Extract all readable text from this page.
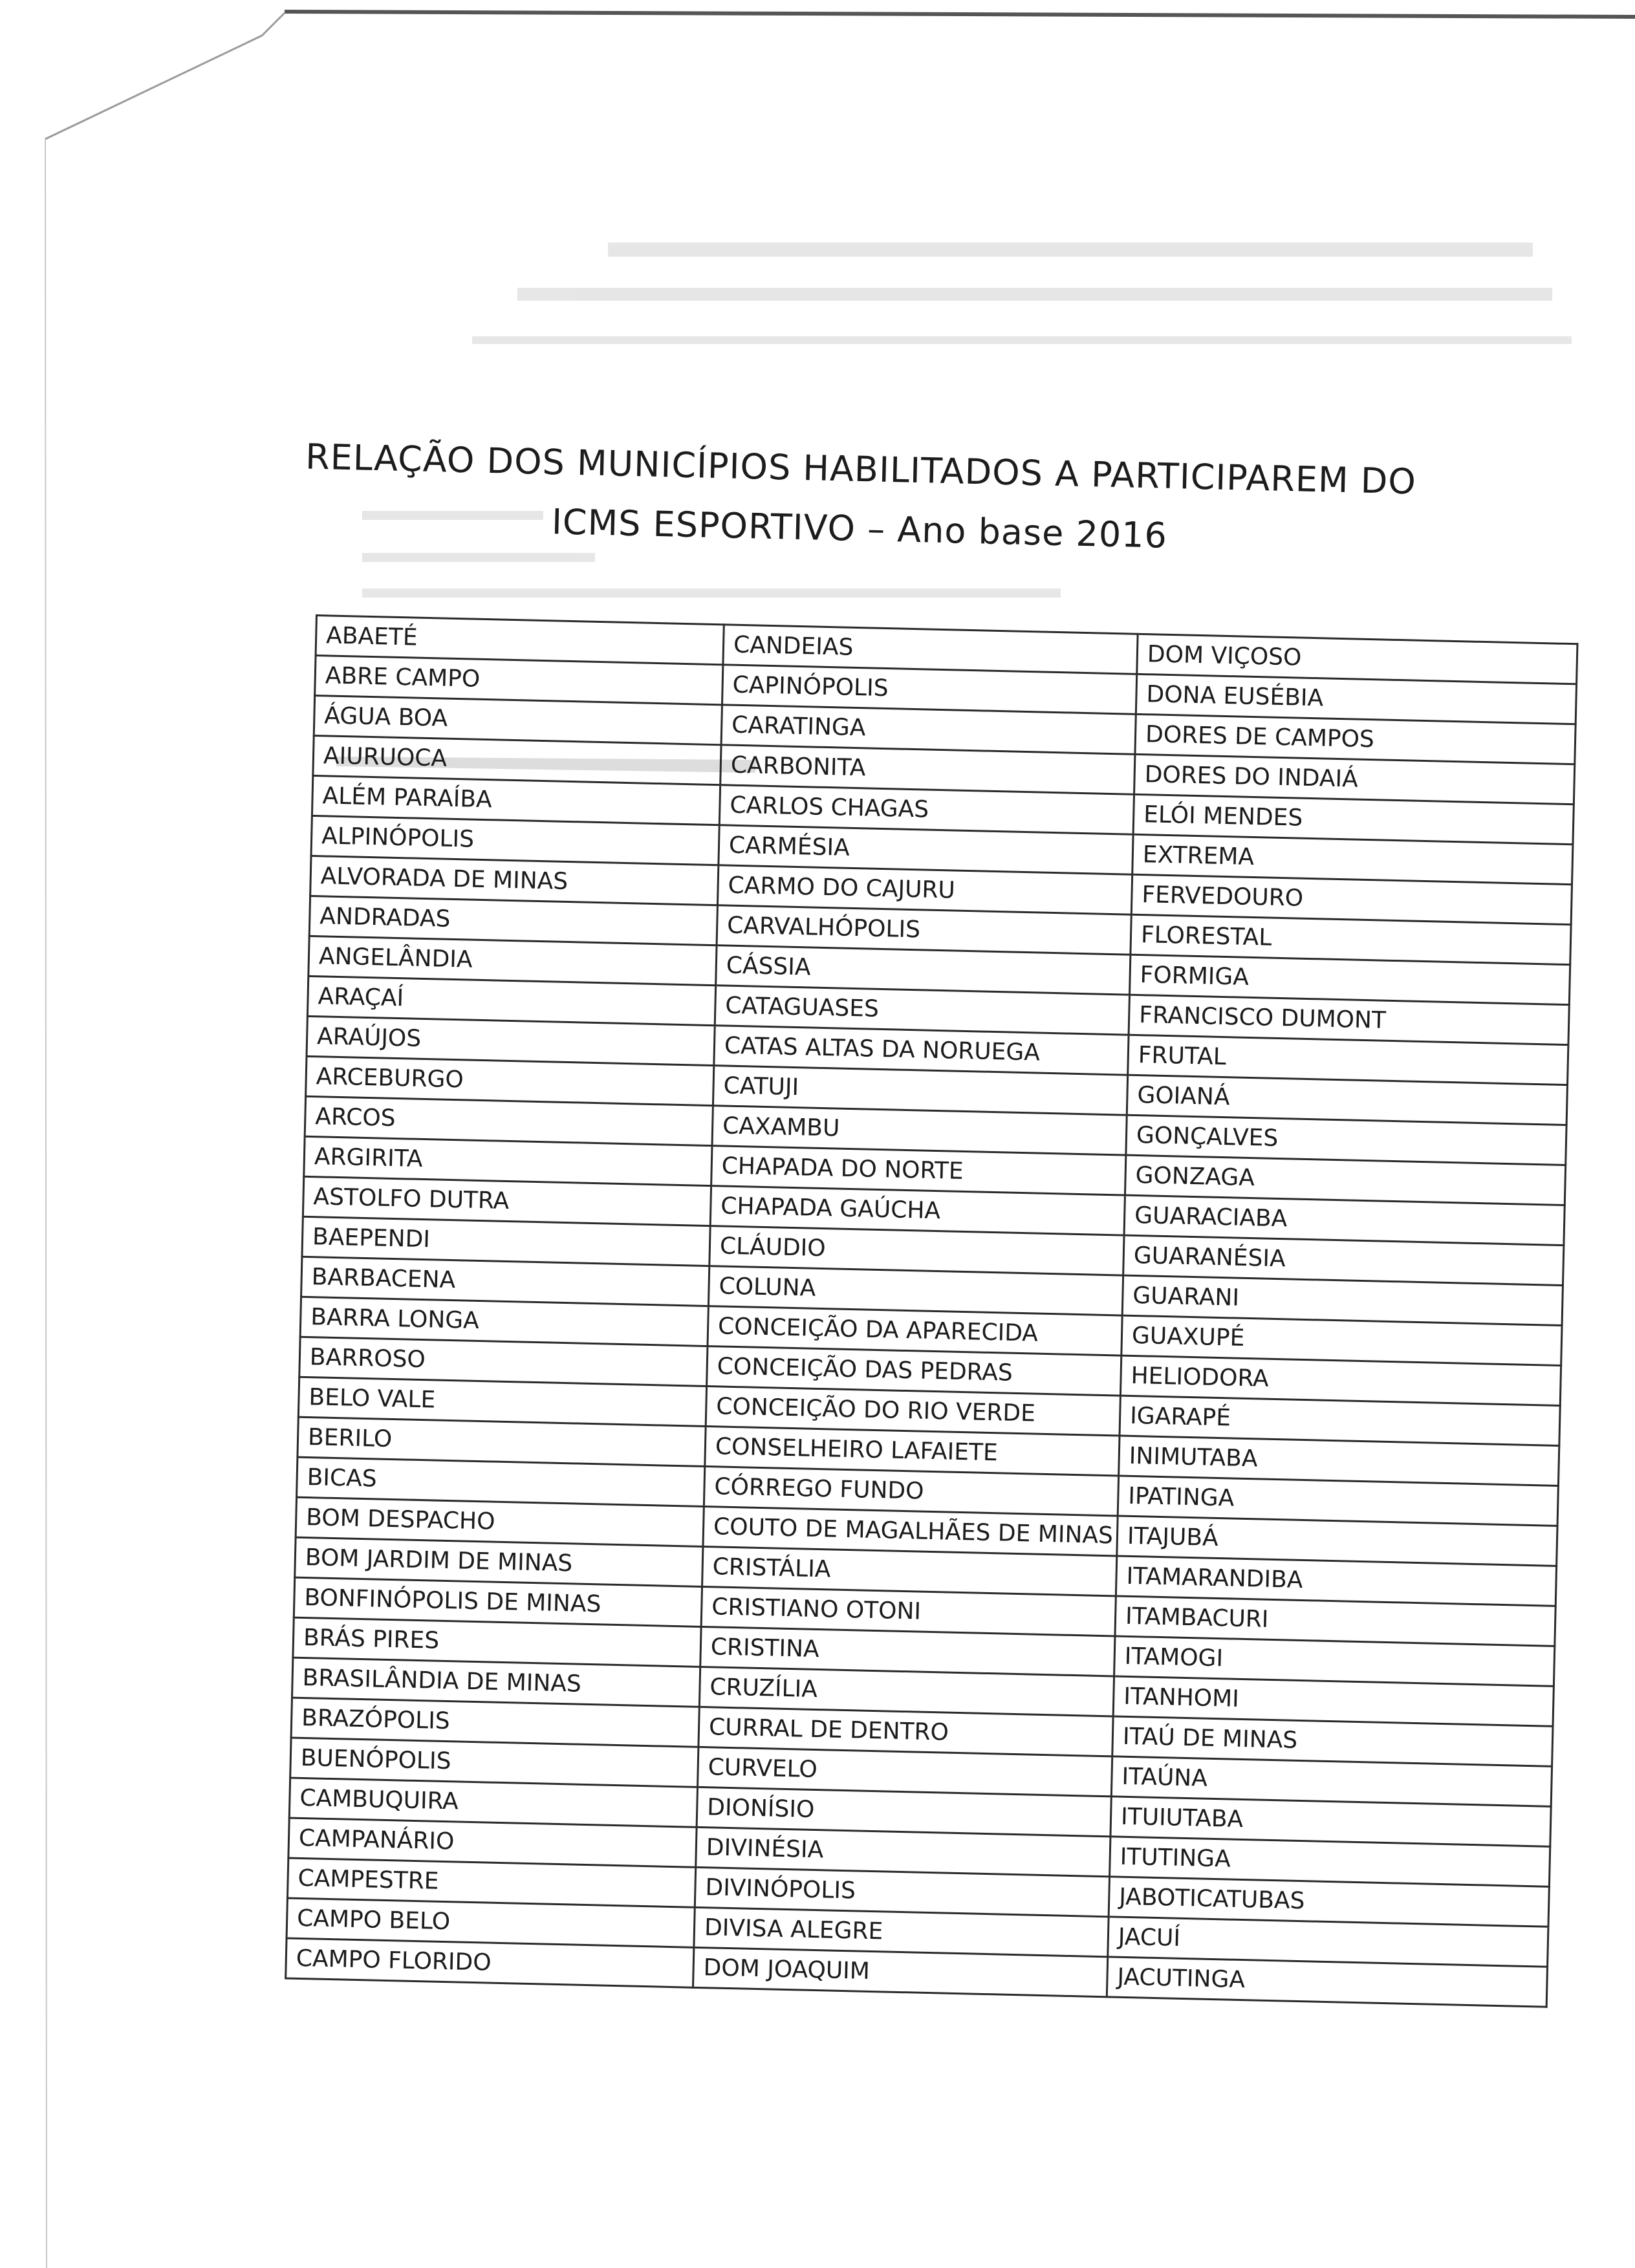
RELAÇÃO DOS MUNICÍPIOS HABILITADOS A PARTICIPAREM DO
ICMS ESPORTIVO – Ano base 2016
ABAETÉ	CANDEIAS	DOM VIÇOSO
ABRE CAMPO	CAPINÓPOLIS	DONA EUSÉBIA
ÁGUA BOA	CARATINGA	DORES DE CAMPOS
AIURUOCA	CARBONITA	DORES DO INDAIÁ
ALÉM PARAÍBA	CARLOS CHAGAS	ELÓI MENDES
ALPINÓPOLIS	CARMÉSIA	EXTREMA
ALVORADA DE MINAS	CARMO DO CAJURU	FERVEDOURO
ANDRADAS	CARVALHÓPOLIS	FLORESTAL
ANGELÂNDIA	CÁSSIA	FORMIGA
ARAÇAÍ	CATAGUASES	FRANCISCO DUMONT
ARAÚJOS	CATAS ALTAS DA NORUEGA	FRUTAL
ARCEBURGO	CATUJI	GOIANÁ
ARCOS	CAXAMBU	GONÇALVES
ARGIRITA	CHAPADA DO NORTE	GONZAGA
ASTOLFO DUTRA	CHAPADA GAÚCHA	GUARACIABA
BAEPENDI	CLÁUDIO	GUARANÉSIA
BARBACENA	COLUNA	GUARANI
BARRA LONGA	CONCEIÇÃO DA APARECIDA	GUAXUPÉ
BARROSO	CONCEIÇÃO DAS PEDRAS	HELIODORA
BELO VALE	CONCEIÇÃO DO RIO VERDE	IGARAPÉ
BERILO	CONSELHEIRO LAFAIETE	INIMUTABA
BICAS	CÓRREGO FUNDO	IPATINGA
BOM DESPACHO	COUTO DE MAGALHÃES DE MINAS	ITAJUBÁ
BOM JARDIM DE MINAS	CRISTÁLIA	ITAMARANDIBA
BONFINÓPOLIS DE MINAS	CRISTIANO OTONI	ITAMBACURI
BRÁS PIRES	CRISTINA	ITAMOGI
BRASILÂNDIA DE MINAS	CRUZÍLIA	ITANHOMI
BRAZÓPOLIS	CURRAL DE DENTRO	ITAÚ DE MINAS
BUENÓPOLIS	CURVELO	ITAÚNA
CAMBUQUIRA	DIONÍSIO	ITUIUTABA
CAMPANÁRIO	DIVINÉSIA	ITUTINGA
CAMPESTRE	DIVINÓPOLIS	JABOTICATUBAS
CAMPO BELO	DIVISA ALEGRE	JACUÍ
CAMPO FLORIDO	DOM JOAQUIM	JACUTINGA
